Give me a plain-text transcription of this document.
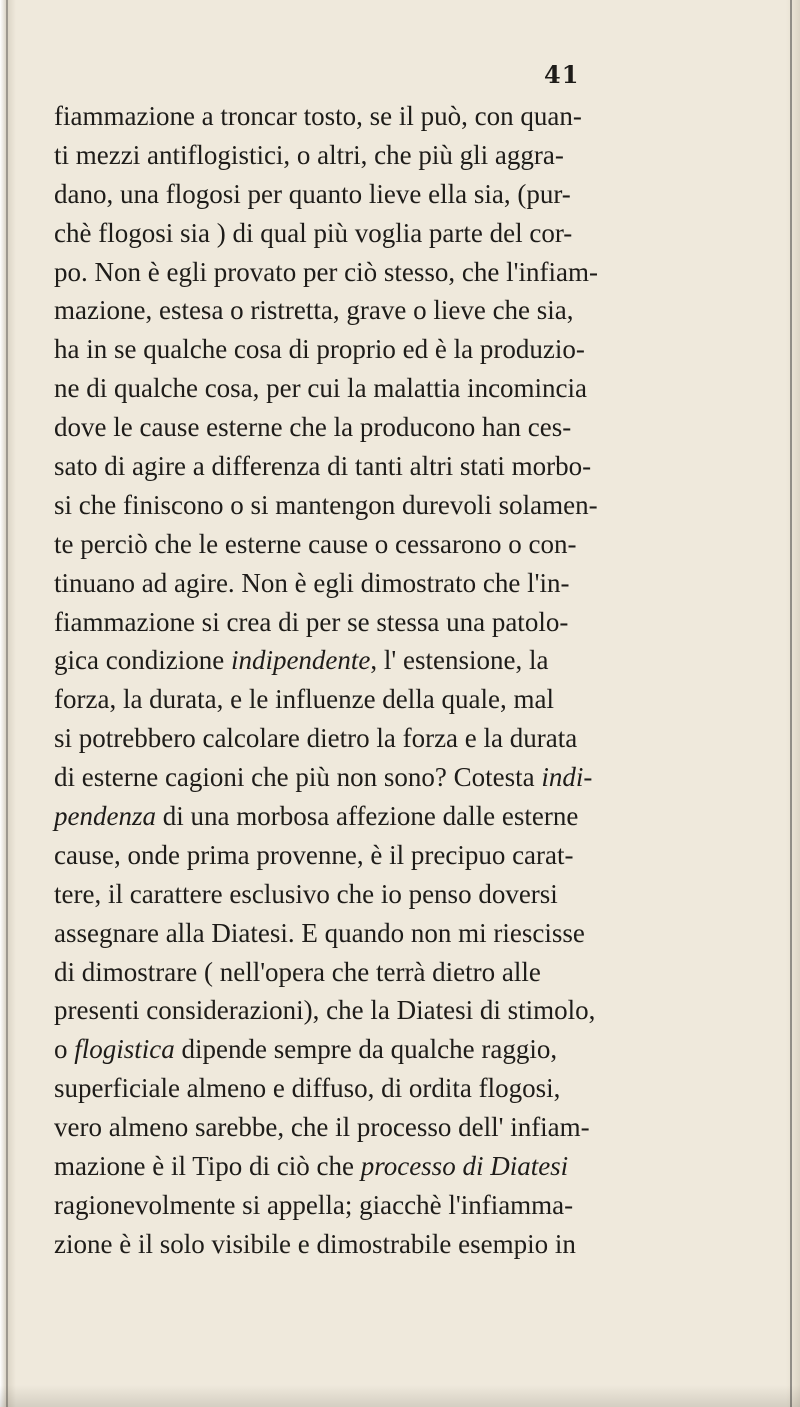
41
fiammazione a troncar tosto, se il può, con quan-
ti mezzi antiflogistici, o altri, che più gli aggra-
dano, una flogosi per quanto lieve ella sia, (pur-
chè flogosi sia ) di qual più voglia parte del cor-
po. Non è egli provato per ciò stesso, che l'infiam-
mazione, estesa o ristretta, grave o lieve che sia,
ha in se qualche cosa di proprio ed è la produzio-
ne di qualche cosa, per cui la malattia incomincia
dove le cause esterne che la producono han ces-
sato di agire a differenza di tanti altri stati morbo-
si che finiscono o si mantengon durevoli solamen-
te perciò che le esterne cause o cessarono o con-
tinuano ad agire. Non è egli dimostrato che l'in-
fiammazione si crea di per se stessa una patolo-
gica condizione indipendente, l' estensione, la
forza, la durata, e le influenze della quale, mal
si potrebbero calcolare dietro la forza e la durata
di esterne cagioni che più non sono? Cotesta indi-
pendenza di una morbosa affezione dalle esterne
cause, onde prima provenne, è il precipuo carat-
tere, il carattere esclusivo che io penso doversi
assegnare alla Diatesi. E quando non mi riescisse
di dimostrare ( nell'opera che terrà dietro alle
presenti considerazioni), che la Diatesi di stimolo,
o flogistica dipende sempre da qualche raggio,
superficiale almeno e diffuso, di ordita flogosi,
vero almeno sarebbe, che il processo dell' infiam-
mazione è il Tipo di ciò che processo di Diatesi
ragionevolmente si appella; giacchè l'infiamma-
zione è il solo visibile e dimostrabile esempio in
